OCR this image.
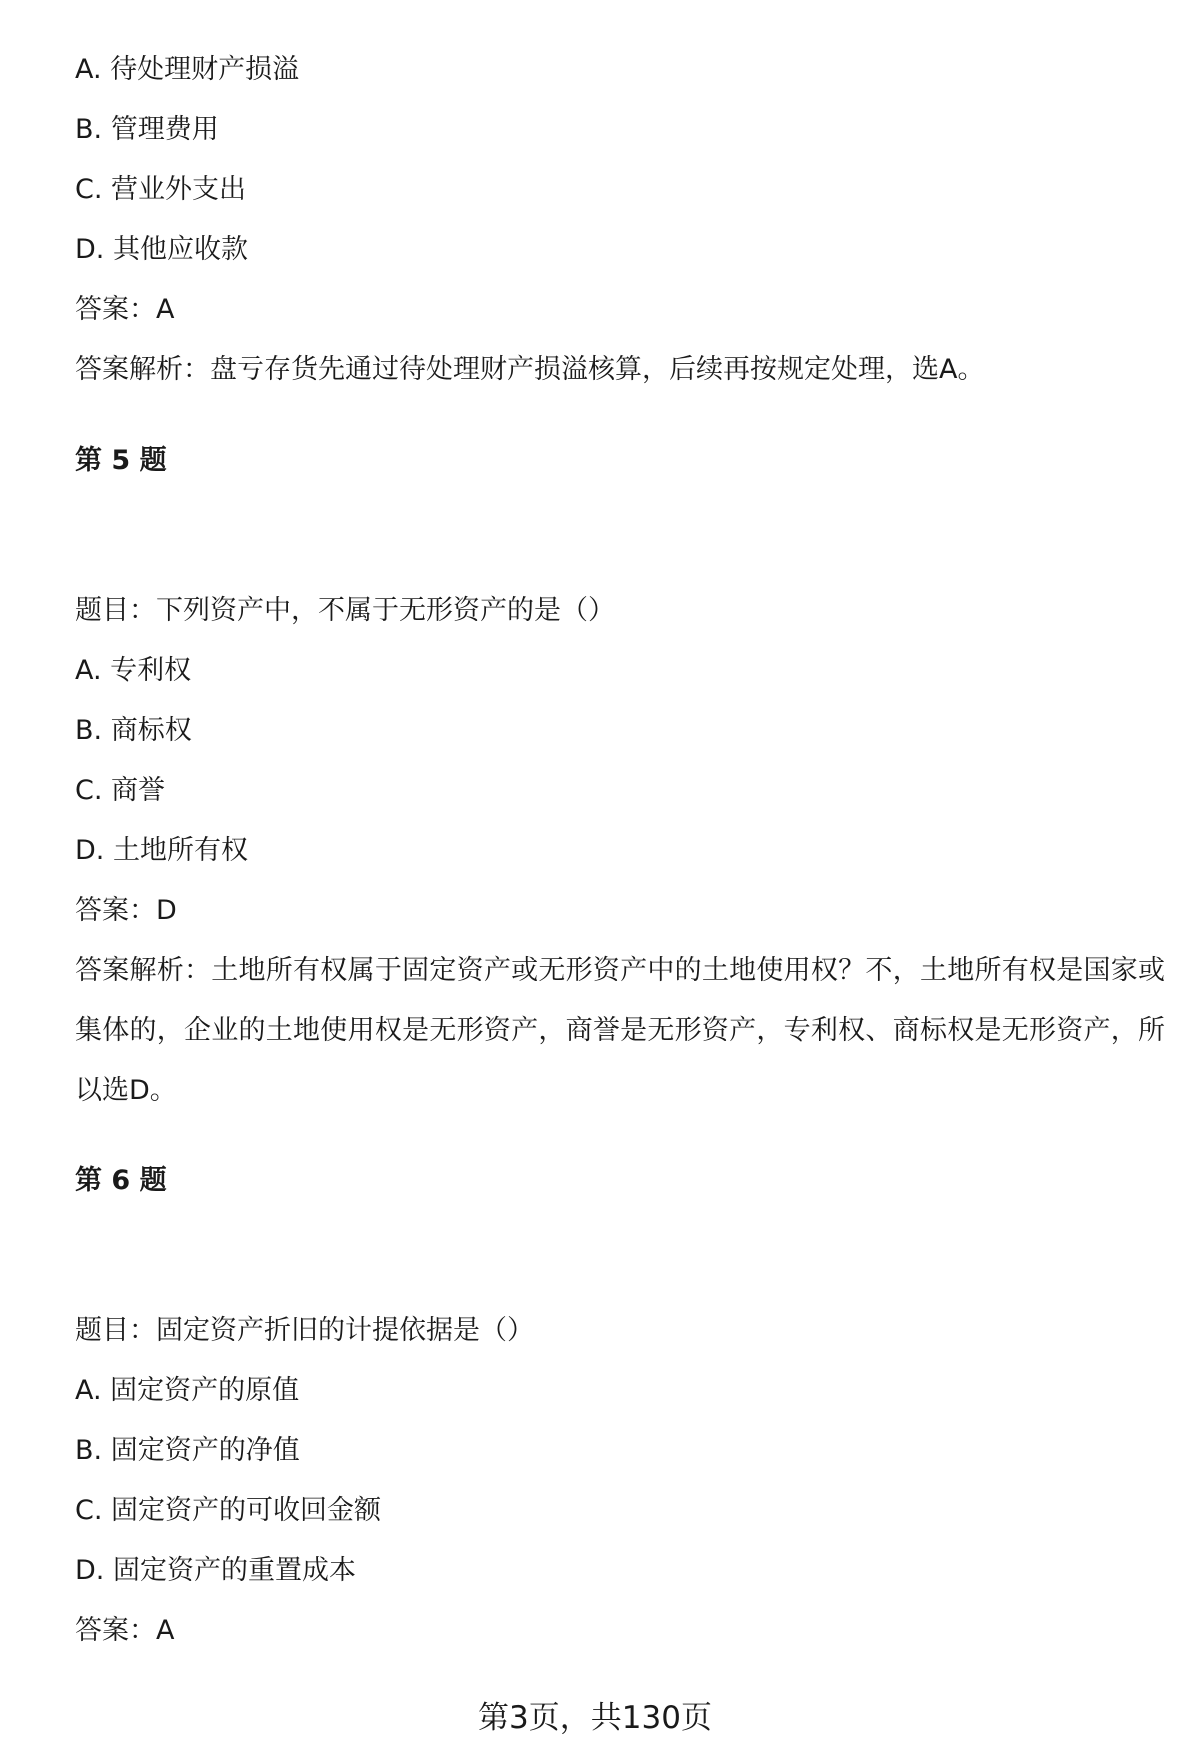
A. 待处理财产损溢
B. 管理费用
C. 营业外支出
D. 其他应收款
答案：A
答案解析：盘亏存货先通过待处理财产损溢核算，后续再按规定处理，选A。
第 5 题
题目：下列资产中，不属于无形资产的是（）
A. 专利权
B. 商标权
C. 商誉
D. 土地所有权
答案：D
答案解析：土地所有权属于固定资产或无形资产中的土地使用权？不，土地所有权是国家或集体的，企业的土地使用权是无形资产，商誉是无形资产，专利权、商标权是无形资产，所以选D。
第 6 题
题目：固定资产折旧的计提依据是（）
A. 固定资产的原值
B. 固定资产的净值
C. 固定资产的可收回金额
D. 固定资产的重置成本
答案：A
第3页，共130页
